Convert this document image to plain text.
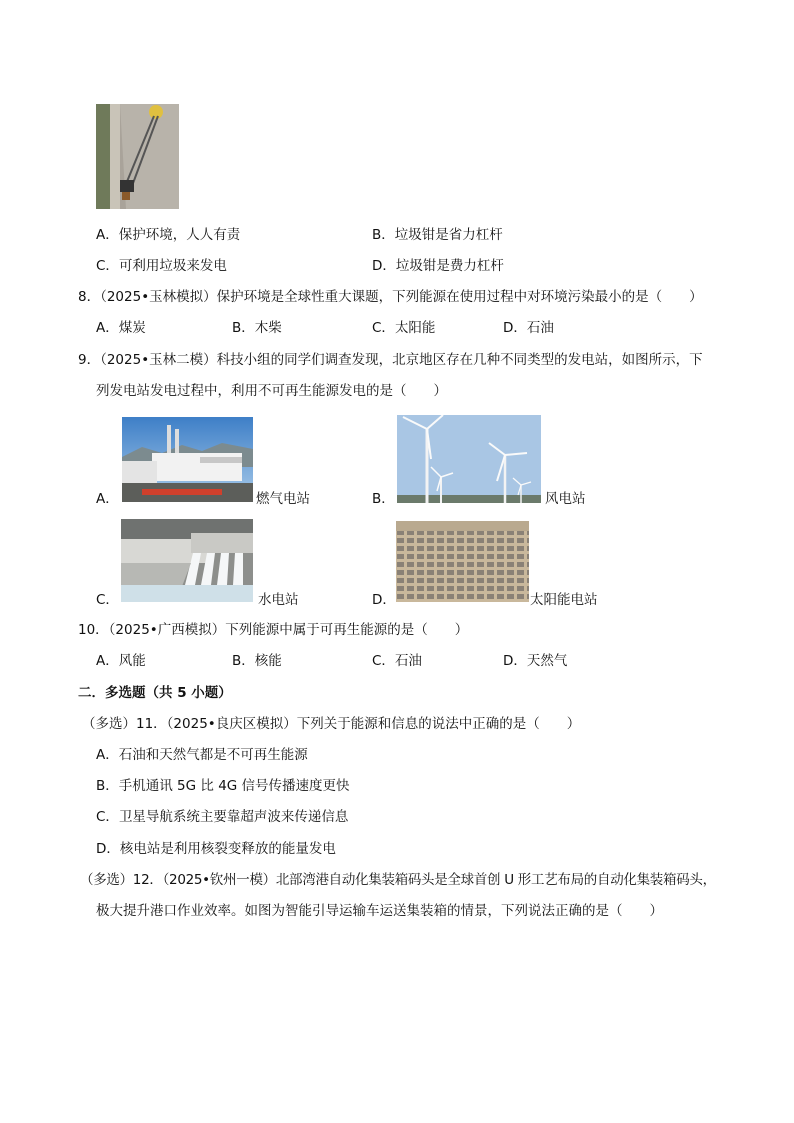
A．保护环境，人人有责	B．垃圾钳是省力杠杆
C．可利用垃圾来发电	D．垃圾钳是费力杠杆
8．（2025•玉林模拟）保护环境是全球性重大课题，下列能源在使用过程中对环境污染最小的是（　　）
A．煤炭	B．木柴	C．太阳能	D．石油
9．（2025•玉林二模）科技小组的同学们调查发现，北京地区存在几种不同类型的发电站，如图所示，下
列发电站发电过程中，利用不可再生能源发电的是（　　）
A．	燃气电站	B．	风电站
C．	水电站	D．	太阳能电站
10．（2025•广西模拟）下列能源中属于可再生能源的是（　　）
A．风能	B．核能	C．石油	D．天然气
二．多选题（共 5 小题）
（多选）11．（2025•良庆区模拟）下列关于能源和信息的说法中正确的是（　　）
A．石油和天然气都是不可再生能源
B．手机通讯 5G 比 4G 信号传播速度更快
C．卫星导航系统主要靠超声波来传递信息
D．核电站是利用核裂变释放的能量发电
（多选）12．（2025•钦州一模）北部湾港自动化集装箱码头是全球首创 U 形工艺布局的自动化集装箱码头，
极大提升港口作业效率。如图为智能引导运输车运送集装箱的情景，下列说法正确的是（　　）
